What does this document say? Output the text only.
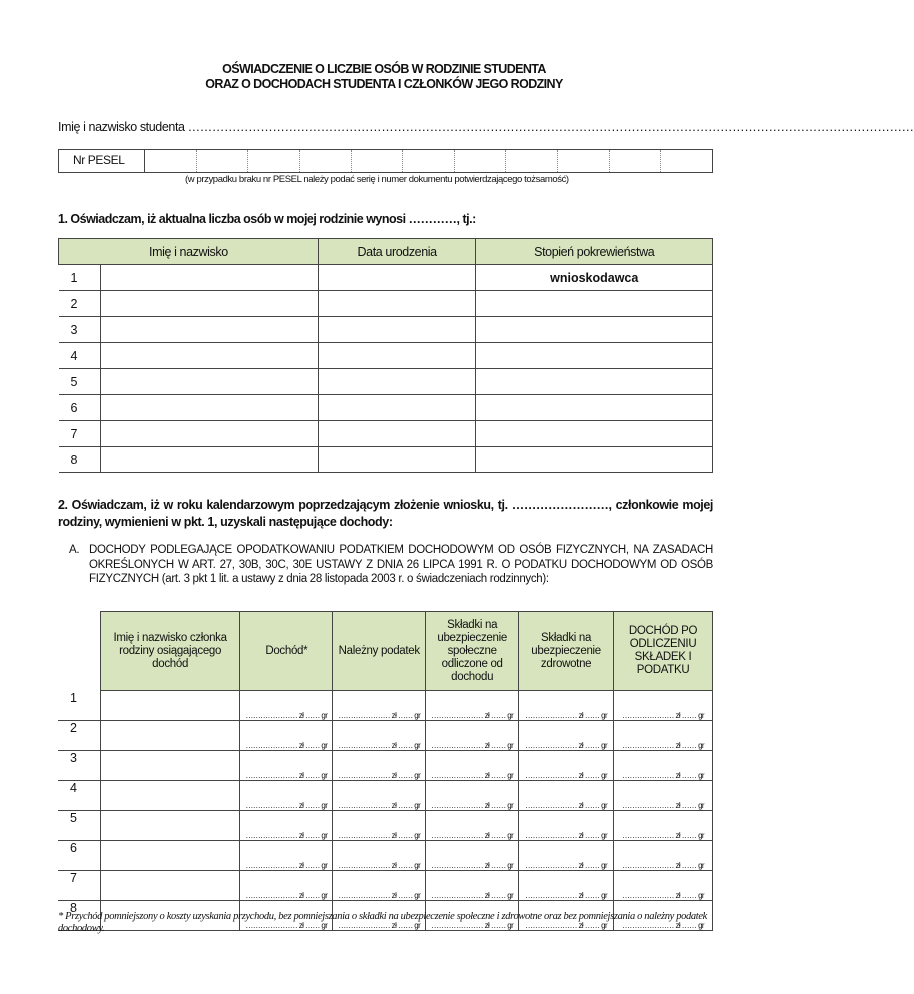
OŚWIADCZENIE O LICZBIE OSÓB W RODZINIE STUDENTA
ORAZ O DOCHODACH STUDENTA I CZŁONKÓW JEGO RODZINY
Imię i nazwisko studenta ………………………………………………………………………………………………………………………………………………………………
Nr PESEL
(w przypadku braku nr PESEL należy podać serię i numer dokumentu potwierdzającego tożsamość)
1. Oświadczam, iż aktualna liczba osób w mojej rodzinie wynosi …………, tj.:
Imię i nazwisko		Data urodzenia	Stopień pokrewieństwa
1			wnioskodawca
2			
3			
4			
5			
6			
7			
8			
2. Oświadczam, iż w roku kalendarzowym poprzedzającym złożenie wniosku, tj. ……………………, członkowie mojej rodziny, wymienieni w pkt. 1, uzyskali następujące dochody:
A. DOCHODY PODLEGAJĄCE OPODATKOWANIU PODATKIEM DOCHODOWYM OD OSÓB FIZYCZNYCH, NA ZASADACH OKREŚLONYCH W ART. 27, 30B, 30C, 30E USTAWY Z DNIA 26 LIPCA 1991 R. O PODATKU DOCHODOWYM OD OSÓB FIZYCZNYCH (art. 3 pkt 1 lit. a ustawy z dnia 28 listopada 2003 r. o świadczeniach rodzinnych):
	Imię i nazwisko członka rodziny osiągającego dochód	Dochód*	Należny podatek	Składki na ubezpieczenie społeczne odliczone od dochodu	Składki na ubezpieczenie zdrowotne	DOCHÓD PO ODLICZENIU SKŁADEK I PODATKU
1		………………… zł …… gr	………………… zł …… gr	………………… zł …… gr	………………… zł …… gr	………………… zł …… gr
2		………………… zł …… gr	………………… zł …… gr	………………… zł …… gr	………………… zł …… gr	………………… zł …… gr
3		………………… zł …… gr	………………… zł …… gr	………………… zł …… gr	………………… zł …… gr	………………… zł …… gr
4		………………… zł …… gr	………………… zł …… gr	………………… zł …… gr	………………… zł …… gr	………………… zł …… gr
5		………………… zł …… gr	………………… zł …… gr	………………… zł …… gr	………………… zł …… gr	………………… zł …… gr
6		………………… zł …… gr	………………… zł …… gr	………………… zł …… gr	………………… zł …… gr	………………… zł …… gr
7		………………… zł …… gr	………………… zł …… gr	………………… zł …… gr	………………… zł …… gr	………………… zł …… gr
8		………………… zł …… gr	………………… zł …… gr	………………… zł …… gr	………………… zł …… gr	………………… zł …… gr
* Przychód pomniejszony o koszty uzyskania przychodu, bez pomniejszania o składki na ubezpieczenie społeczne i zdrowotne oraz bez pomniejszania o należny podatek dochodowy.
